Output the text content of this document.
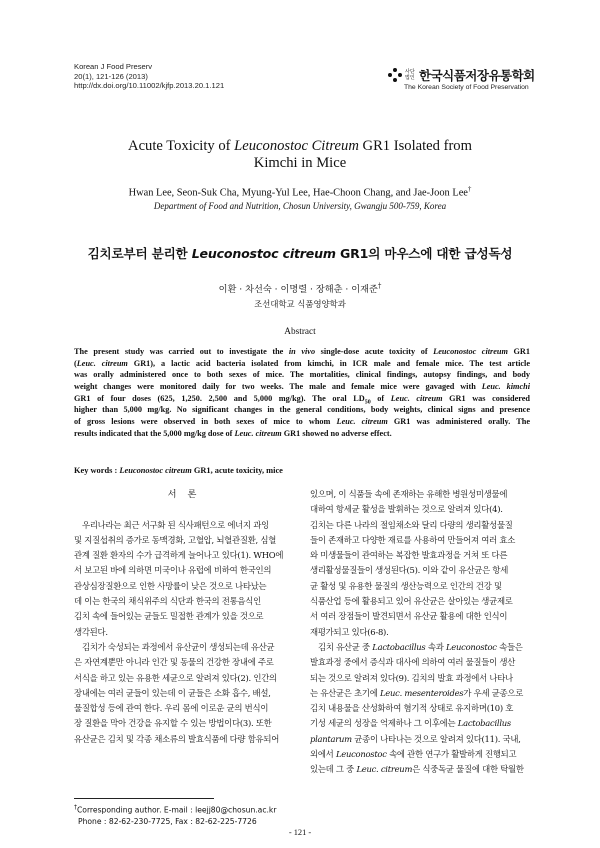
Korean J Food Preserv
20(1), 121-126 (2013)
http://dx.doi.org/10.11002/kjfp.2013.20.1.121
사단법인 한국식품저장유통학회
The Korean Society of Food Preservation
Acute Toxicity of Leuconostoc Citreum GR1 Isolated from
Kimchi in Mice
Hwan Lee, Seon-Suk Cha, Myung-Yul Lee, Hae-Choon Chang, and Jae-Joon Lee†
Department of Food and Nutrition, Chosun University, Gwangju 500-759, Korea
김치로부터 분리한 Leuconostoc citreum GR1의 마우스에 대한 급성독성
이환 · 차선숙 · 이명렬 · 장해춘 · 이재준†
조선대학교 식품영양학과
Abstract

The present study was carried out to investigate the in vivo single-dose acute toxicity of Leuconostoc citreum GR1

(Leuc. citreum GR1), a lactic acid bacteria isolated from kimchi, in ICR male and female mice. The test article

was orally administered once to both sexes of mice. The mortalities, clinical findings, autopsy findings, and body

weight changes were monitored daily for two weeks. The male and female mice were gavaged with Leuc. kimchi

GR1 of four doses (625, 1,250. 2,500 and 5,000 mg/kg). The oral $LD_{50}$ of Leuc. citreum GR1 was considered

higher than 5,000 mg/kg. No significant changes in the general conditions, body weights, clinical signs and presence

of gross lesions were observed in both sexes of mice to whom Leuc. citreum GR1 was administered orally. The

results indicated that the 5,000 mg/kg dose of Leuc. citreum GR1 showed no adverse effect.

Key words : Leuconostoc citreum GR1, acute toxicity, mice

서 론

우리나라는 최근 서구화 된 식사패턴으로 에너지 과잉

및 지질섭취의 증가로 동맥경화, 고혈압, 뇌혈관질환, 심혈

관계 질환 환자의 수가 급격하게 늘어나고 있다(1). WHO에

서 보고된 바에 의하면 미국이나 유럽에 비하여 한국인의

관상심장질환으로 인한 사망률이 낮은 것으로 나타났는

데 이는 한국의 채식위주의 식단과 한국의 전통음식인

김치 속에 들어있는 균들도 밀접한 관계가 있을 것으로

생각된다.

김치가 숙성되는 과정에서 유산균이 생성되는데 유산균

은 자연계뿐만 아니라 인간 및 동물의 건강한 장내에 주로

서식을 하고 있는 유용한 세균으로 알려져 있다(2). 인간의

장내에는 여러 균들이 있는데 이 균들은 소화 흡수, 배설,

물질합성 등에 관여 한다. 우리 몸에 이로운 균의 번식이

장 질환을 막아 건강을 유지할 수 있는 방법이다(3). 또한

유산균은 김치 및 각종 채소류의 발효식품에 다량 함유되어

있으며, 이 식품들 속에 존재하는 유해한 병원성미생물에

대하여 항세균 활성을 발휘하는 것으로 알려져 있다(4).

김치는 다른 나라의 절임채소와 달리 다량의 생리활성물질

들이 존재하고 다양한 재료를 사용하여 만들어져 여러 효소

와 미생물들이 관여하는 복잡한 발효과정을 거쳐 또 다른

생리활성물질들이 생성된다(5). 이와 같이 유산균은 항세

균 활성 및 유용한 물질의 생산능력으로 인간의 건강 및

식품산업 등에 활용되고 있어 유산균은 살아있는 생균제로

서 여러 장점들이 발견되면서 유산균 활용에 대한 인식이

재평가되고 있다(6-8).

김치 유산균 중 Lactobacillus 속과 Leuconostoc 속들은

발효과정 중에서 증식과 대사에 의하여 여러 물질들이 생산

되는 것으로 알려져 있다(9). 김치의 발효 과정에서 나타나

는 유산균은 초기에 Leuc. mesenteroides가 우세 균종으로

김치 내용물을 산성화하여 혐기적 상태로 유지하며(10) 호

기성 세균의 성장을 억제하나 그 이후에는 Lactobacillus

plantarum 균종이 나타나는 것으로 알려져 있다(11). 국내,

외에서 Leuconostoc 속에 관한 연구가 활발하게 진행되고

있는데 그 중 Leuc. citreum은 식중독균 물질에 대한 탁월한

†Corresponding author. E-mail : leejj80@chosun.ac.kr
Phone : 82-62-230-7725, Fax : 82-62-225-7726
- 121 -
